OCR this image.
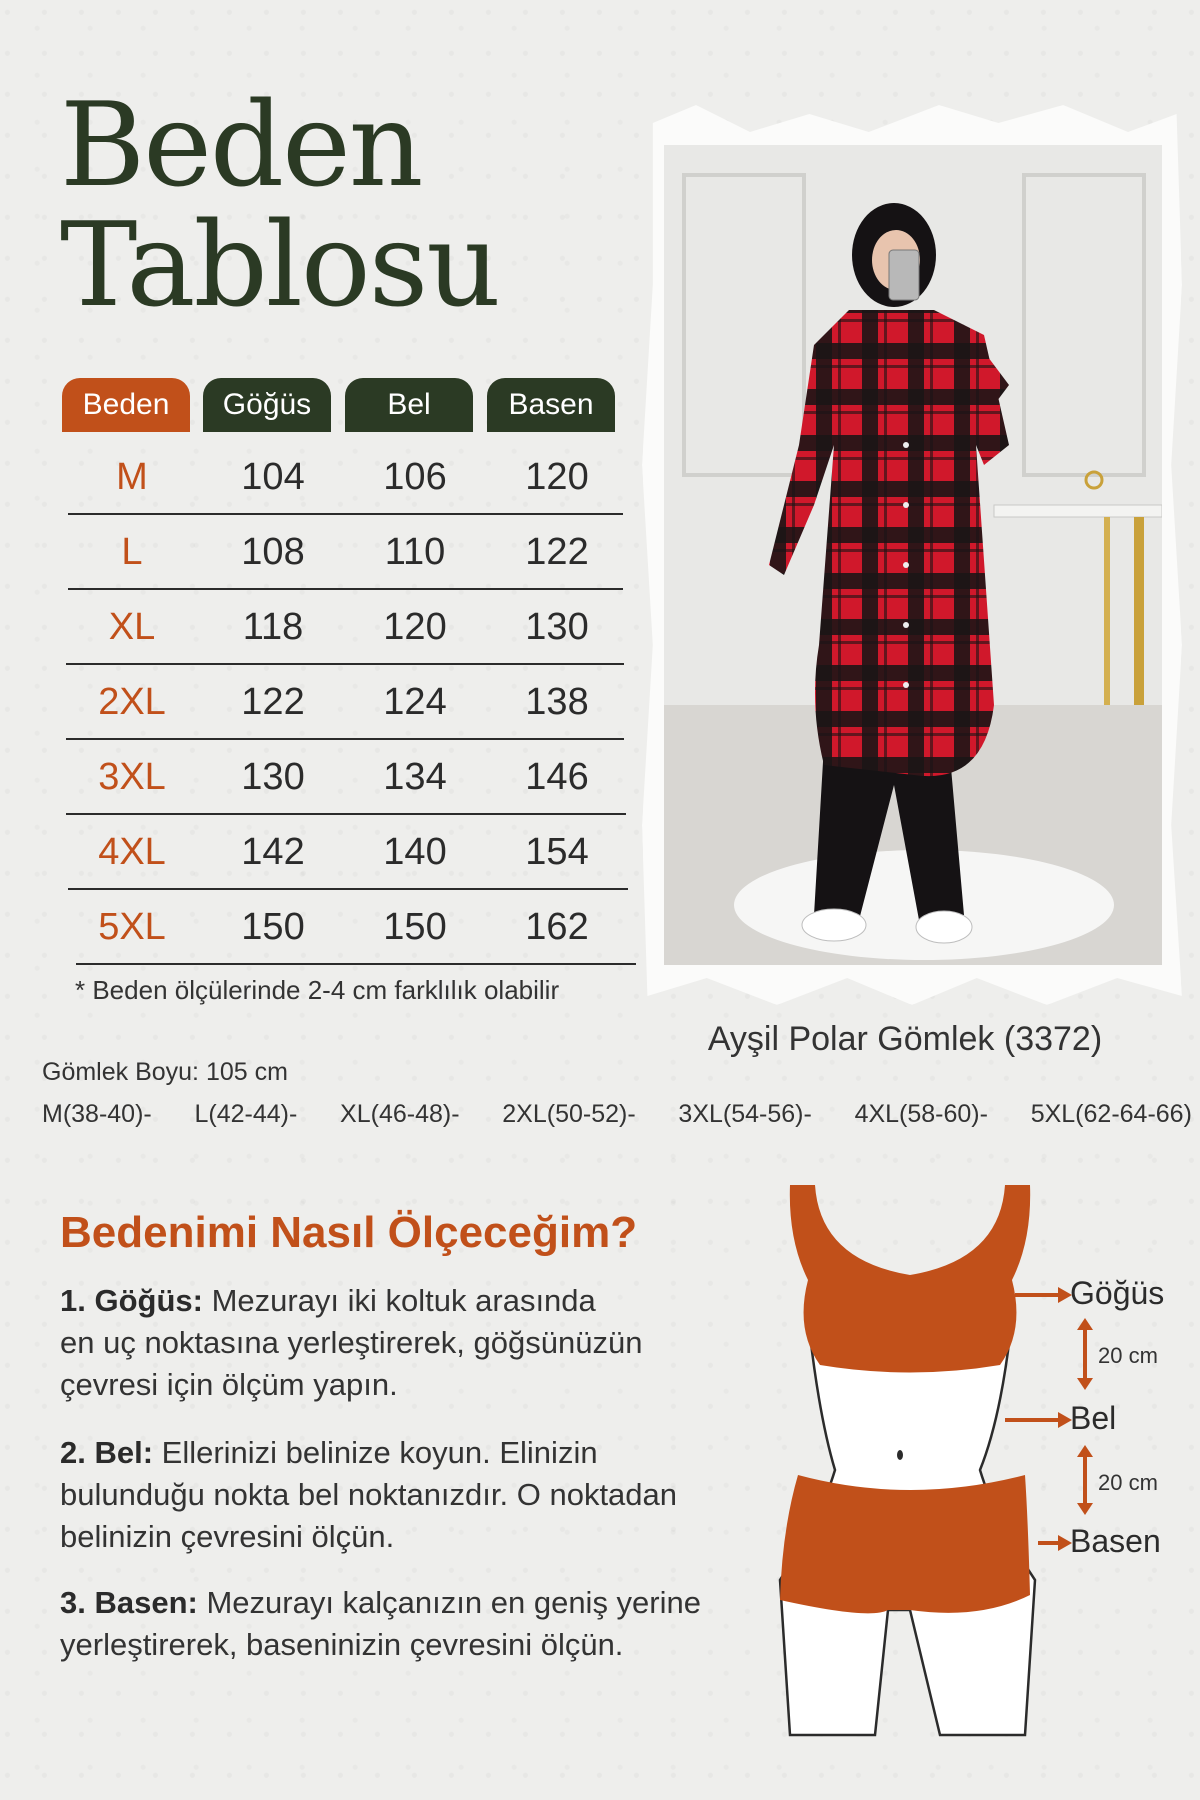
Beden
Tablosu
Beden	Göğüs	Bel	Basen
M	104	106	120
L	108	110	122
XL	118	120	130
2XL	122	124	138
3XL	130	134	146
4XL	142	140	154
5XL	150	150	162
* Beden ölçülerinde 2-4 cm farklılık olabilir
Ayşil Polar Gömlek (3372)
Gömlek Boyu: 105 cm
M(38-40)- L(42-44)- XL(46-48)- 2XL(50-52)- 3XL(54-56)- 4XL(58-60)- 5XL(62-64-66)
Bedenimi Nasıl Ölçeceğim?
1. Göğüs: Mezurayı iki koltuk arasında
en uç noktasına yerleştirerek, göğsünüzün
çevresi için ölçüm yapın.
2. Bel: Ellerinizi belinize koyun. Elinizin
bulunduğu nokta bel noktanızdır. O noktadan
belinizin çevresini ölçün.
3. Basen: Mezurayı kalçanızın en geniş yerine
yerleştirerek, baseninizin çevresini ölçün.
Göğüs
Bel
Basen
20 cm
20 cm
